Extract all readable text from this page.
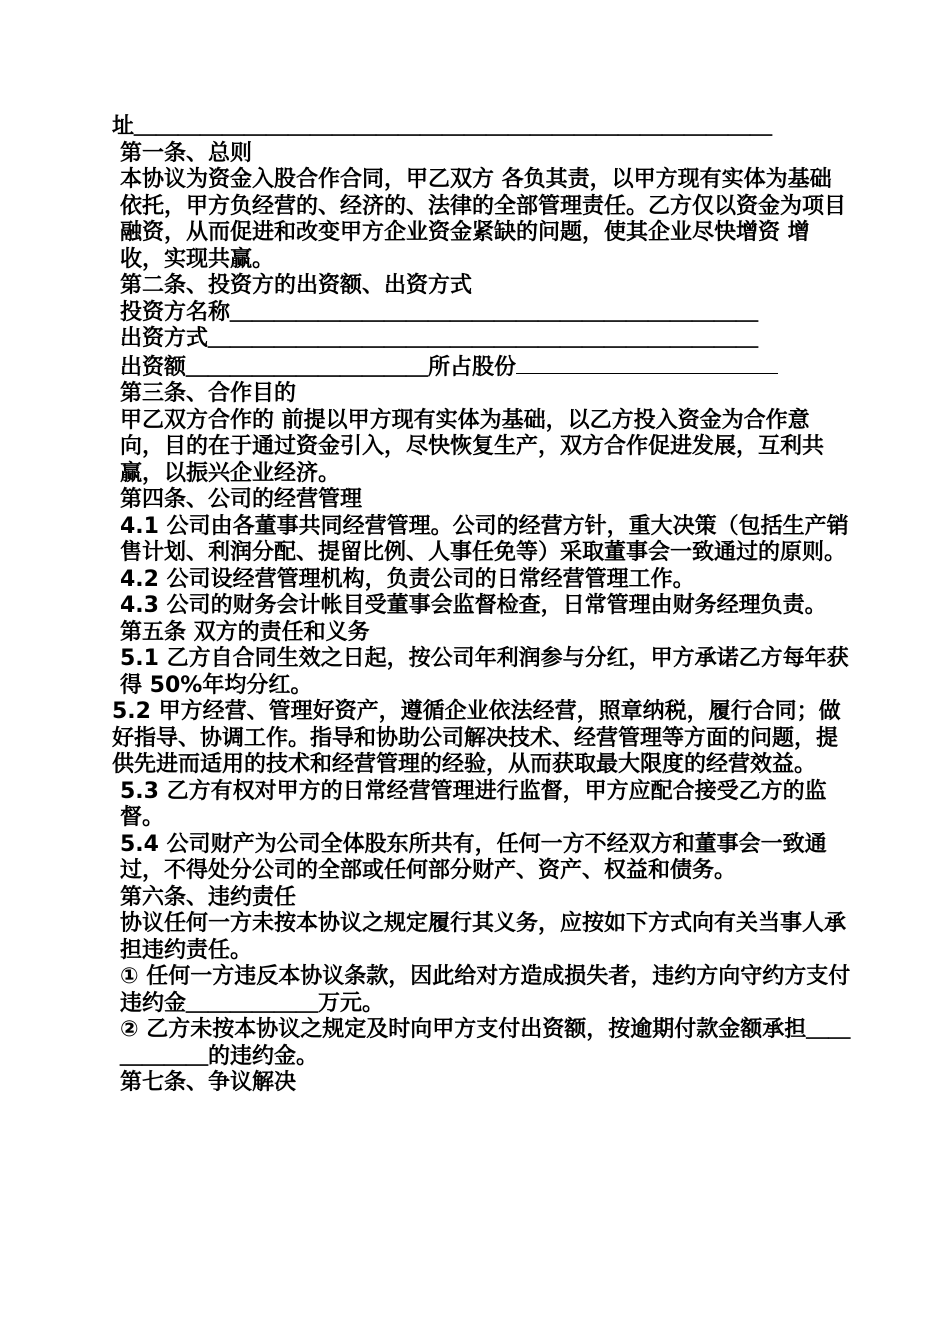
址＿＿＿＿＿＿＿＿＿＿＿＿＿＿＿＿＿＿＿＿＿＿＿＿＿＿＿＿＿
第一条、总则
本协议为资金入股合作合同，甲乙双方 各负其责，以甲方现有实体为基础依托，甲方负经营的、经济的、法律的全部管理责任。乙方仅以资金为项目融资，从而促进和改变甲方企业资金紧缺的问题，使其企业尽快增资 增收，实现共赢。
第二条、投资方的出资额、出资方式
投资方名称＿＿＿＿＿＿＿＿＿＿＿＿＿＿＿＿＿＿＿＿＿＿＿＿
出资方式＿＿＿＿＿＿＿＿＿＿＿＿＿＿＿＿＿＿＿＿＿＿＿＿＿
出资额＿＿＿＿＿＿＿＿＿＿＿所占股份
第三条、合作目的
甲乙双方合作的 前提以甲方现有实体为基础，以乙方投入资金为合作意向，目的在于通过资金引入，尽快恢复生产，双方合作促进发展，互利共赢，以振兴企业经济。
第四条、公司的经营管理
4.1 公司由各董事共同经营管理。公司的经营方针，重大决策（包括生产销售计划、利润分配、提留比例、人事任免等）采取董事会一致通过的原则。
4.2 公司设经营管理机构，负责公司的日常经营管理工作。
4.3 公司的财务会计帐目受董事会监督检查，日常管理由财务经理负责。
第五条 双方的责任和义务
5.1 乙方自合同生效之日起，按公司年利润参与分红，甲方承诺乙方每年获得 50%年均分红。
5.2 甲方经营、管理好资产，遵循企业依法经营，照章纳税，履行合同；做好指导、协调工作。指导和协助公司解决技术、经营管理等方面的问题，提供先进而适用的技术和经营管理的经验，从而获取最大限度的经营效益。
5.3 乙方有权对甲方的日常经营管理进行监督，甲方应配合接受乙方的监督。
5.4 公司财产为公司全体股东所共有，任何一方不经双方和董事会一致通过，不得处分公司的全部或任何部分财产、资产、权益和债务。
第六条、违约责任
协议任何一方未按本协议之规定履行其义务，应按如下方式向有关当事人承担违约责任。
① 任何一方违反本协议条款，因此给对方造成损失者，违约方向守约方支付违约金＿＿＿＿＿＿万元。
② 乙方未按本协议之规定及时向甲方支付出资额，按逾期付款金额承担＿＿＿＿＿＿的违约金。
第七条、争议解决
